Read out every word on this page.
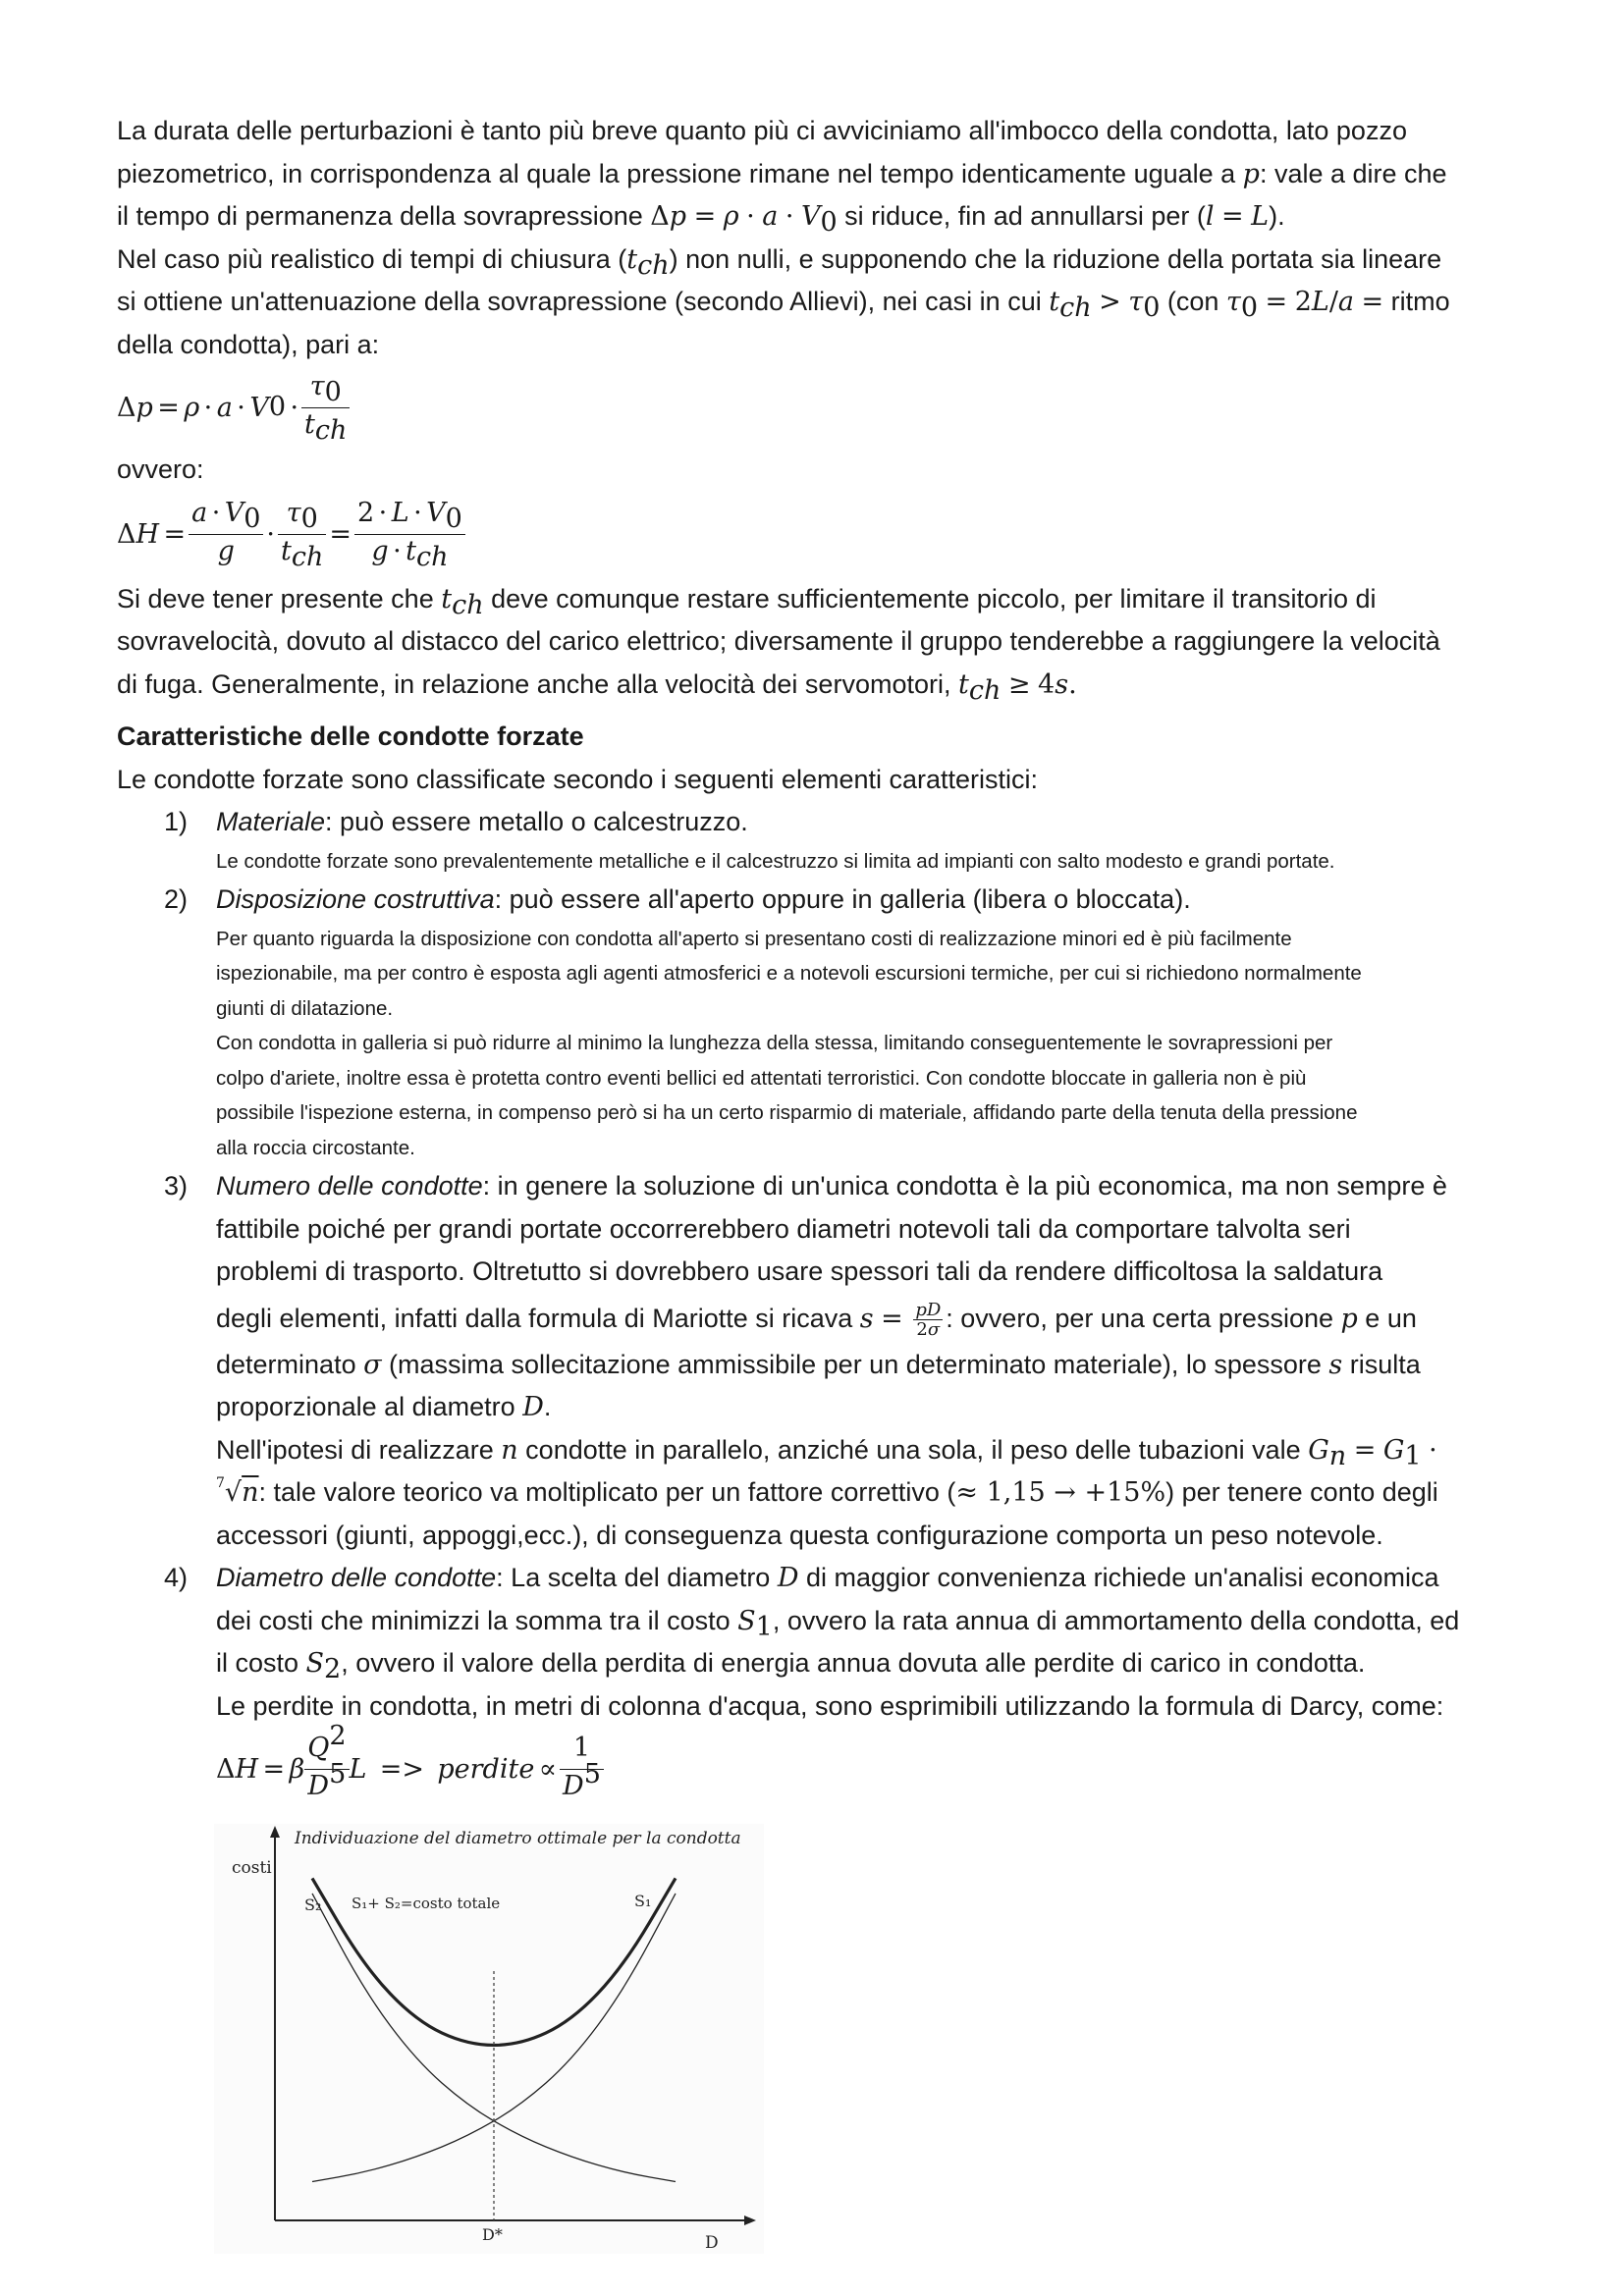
La durata delle perturbazioni è tanto più breve quanto più ci avviciniamo all'imbocco della condotta, lato pozzo

piezometrico, in corrispondenza al quale la pressione rimane nel tempo identicamente uguale a p: vale a dire che

il tempo di permanenza della sovrapressione $\Delta p = \rho \cdot a \cdot V_0$ si riduce, fin ad annullarsi per (l = L).

Nel caso più realistico di tempi di chiusura $(t_{ch})$ non nulli, e supponendo che la riduzione della portata sia lineare

si ottiene un'attenuazione della sovrapressione (secondo Allievi), nei casi in cui $t_{ch} > \tau_0$ (con $\tau_0 = 2L/a$ = ritmo

della condotta), pari a:

Δ p
=
ρ
·
a
·
V 0
· $\frac{\tau_0}{t_{ch}}$

ovvero:

Δ H
= $\frac{a \cdot V_0}{g} \cdot \frac{\tau_0}{t_{ch}} = \frac{2 \cdot L \cdot V_0}{g \cdot t_{ch}}$

Si deve tener presente che $t_{ch}$ deve comunque restare sufficientemente piccolo, per limitare il transitorio di

sovravelocità, dovuto al distacco del carico elettrico; diversamente il gruppo tenderebbe a raggiungere la velocità

di fuga. Generalmente, in relazione anche alla velocità dei servomotori, $t_{ch} \ge 4s$.

Caratteristiche delle condotte forzate

Le condotte forzate sono classificate secondo i seguenti elementi caratteristici:

1) Materiale: può essere metallo o calcestruzzo.

Le condotte forzate sono prevalentemente metalliche e il calcestruzzo si limita ad impianti con salto modesto e grandi portate.

2) Disposizione costruttiva: può essere all'aperto oppure in galleria (libera o bloccata).

Per quanto riguarda la disposizione con condotta all'aperto si presentano costi di realizzazione minori ed è più facilmente

ispezionabile, ma per contro è esposta agli agenti atmosferici e a notevoli escursioni termiche, per cui si richiedono normalmente

giunti di dilatazione.

Con condotta in galleria si può ridurre al minimo la lunghezza della stessa, limitando conseguentemente le sovrapressioni per

colpo d'ariete, inoltre essa è protetta contro eventi bellici ed attentati terroristici. Con condotte bloccate in galleria non è più

possibile l'ispezione esterna, in compenso però si ha un certo risparmio di materiale, affidando parte della tenuta della pressione

alla roccia circostante.

3) Numero delle condotte: in genere la soluzione di un'unica condotta è la più economica, ma non sempre è

fattibile poiché per grandi portate occorrerebbero diametri notevoli tali da comportare talvolta seri

problemi di trasporto. Oltretutto si dovrebbero usare spessori tali da rendere difficoltosa la saldatura

degli elementi, infatti dalla formula di Mariotte si ricava $s = \frac{pD}{2\sigma}$ : ovvero, per una certa pressione p e un

determinato σ (massima sollecitazione ammissibile per un determinato materiale), lo spessore s risulta

proporzionale al diametro D.

Nell'ipotesi di realizzare n condotte in parallelo, anziché una sola, il peso delle tubazioni vale $G_n = G_1$ ·

$^7$√n: tale valore teorico va moltiplicato per un fattore correttivo (≈ 1,15 → +15%) per tenere conto degli

accessori (giunti, appoggi,ecc.), di conseguenza questa configurazione comporta un peso notevole.

4) Diametro delle condotte: La scelta del diametro D di maggior convenienza richiede un'analisi economica

dei costi che minimizzi la somma tra il costo $S_1$, ovvero la rata annua di ammortamento della condotta, ed

il costo $S_2$, ovvero il valore della perdita di energia annua dovuta alle perdite di carico in condotta.

Le perdite in condotta, in metri di colonna d'acqua, sono esprimibili utilizzando la formula di Darcy, come:

Δ H
=
β $\frac{Q^2}{D^5}$ L
=>
perdite
∝ $\frac{1}{D^5}$
Individuazione del diametro ottimale per la condotta
costi
D
D*
S₂ S₁+ S₂=costo totale	S₁
